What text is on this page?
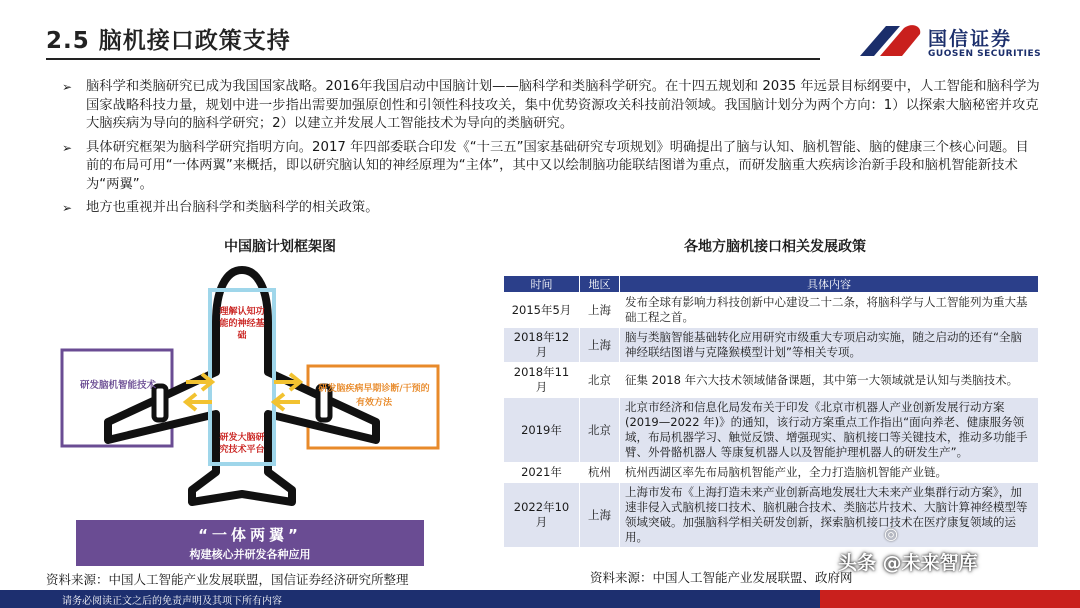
2.5 脑机接口政策支持	国信证券
GUOSEN SECURITIES
➢ 脑科学和类脑研究已成为我国国家战略。2016年我国启动中国脑计划——脑科学和类脑科学研究。在十四五规划和 2035 年远景目标纲要中，人工智能和脑科学为国家战略科技力量，规划中进一步指出需要加强原创性和引领性科技攻关，集中优势资源攻关科技前沿领域。我国脑计划分为两个方向：1）以探索大脑秘密并攻克大脑疾病为导向的脑科学研究；2）以建立并发展人工智能技术为导向的类脑研究。
➢ 具体研究框架为脑科学研究指明方向。2017 年四部委联合印发《“十三五”国家基础研究专项规划》明确提出了脑与认知、脑机智能、脑的健康三个核心问题。目前的布局可用“一体两翼”来概括，即以研究脑认知的神经原理为“主体”，其中又以绘制脑功能联结图谱为重点，而研发脑重大疾病诊治新手段和脑机智能新技术为“两翼”。
➢ 地方也重视并出台脑科学和类脑科学的相关政策。
中国脑计划框架图
理解认知功能的神经基础
研发大脑研究技术平台
研发脑机智能技术	研发脑疾病早期诊断/干预的有效方法
“一体两翼”
构建核心并研发各种应用
资料来源：中国人工智能产业发展联盟，国信证券经济研究所整理
各地方脑机接口相关发展政策
时间	地区	具体内容
2015年5月	上海	发布全球有影响力科技创新中心建设二十二条，将脑科学与人工智能列为重大基础工程之首。
2018年12月	上海	脑与类脑智能基础转化应用研究市级重大专项启动实施，随之启动的还有“全脑神经联结图谱与克隆猴模型计划”等相关专项。
2018年11月	北京	征集 2018 年六大技术领域储备课题，其中第一大领域就是认知与类脑技术。
2019年	北京	北京市经济和信息化局发布关于印发《北京市机器人产业创新发展行动方案(2019—2022 年)》的通知，该行动方案重点工作指出“面向养老、健康服务领域，布局机器学习、触觉反馈、增强现实、脑机接口等关键技术，推动多功能手臂、外骨骼机器人 等康复机器人以及智能护理机器人的研发生产”。
2021年	杭州	杭州西湖区率先布局脑机智能产业，全力打造脑机智能产业链。
2022年10月	上海	上海市发布《上海打造未来产业创新高地发展壮大未来产业集群行动方案》，加速非侵入式脑机接口技术、脑机融合技术、类脑芯片技术、大脑计算神经模型等领域突破。加强脑科学相关研发创新，探索脑机接口技术在医疗康复领域的运用。
资料来源：中国人工智能产业发展联盟、政府网
◎
头条 @未来智库
请务必阅读正文之后的免责声明及其项下所有内容
